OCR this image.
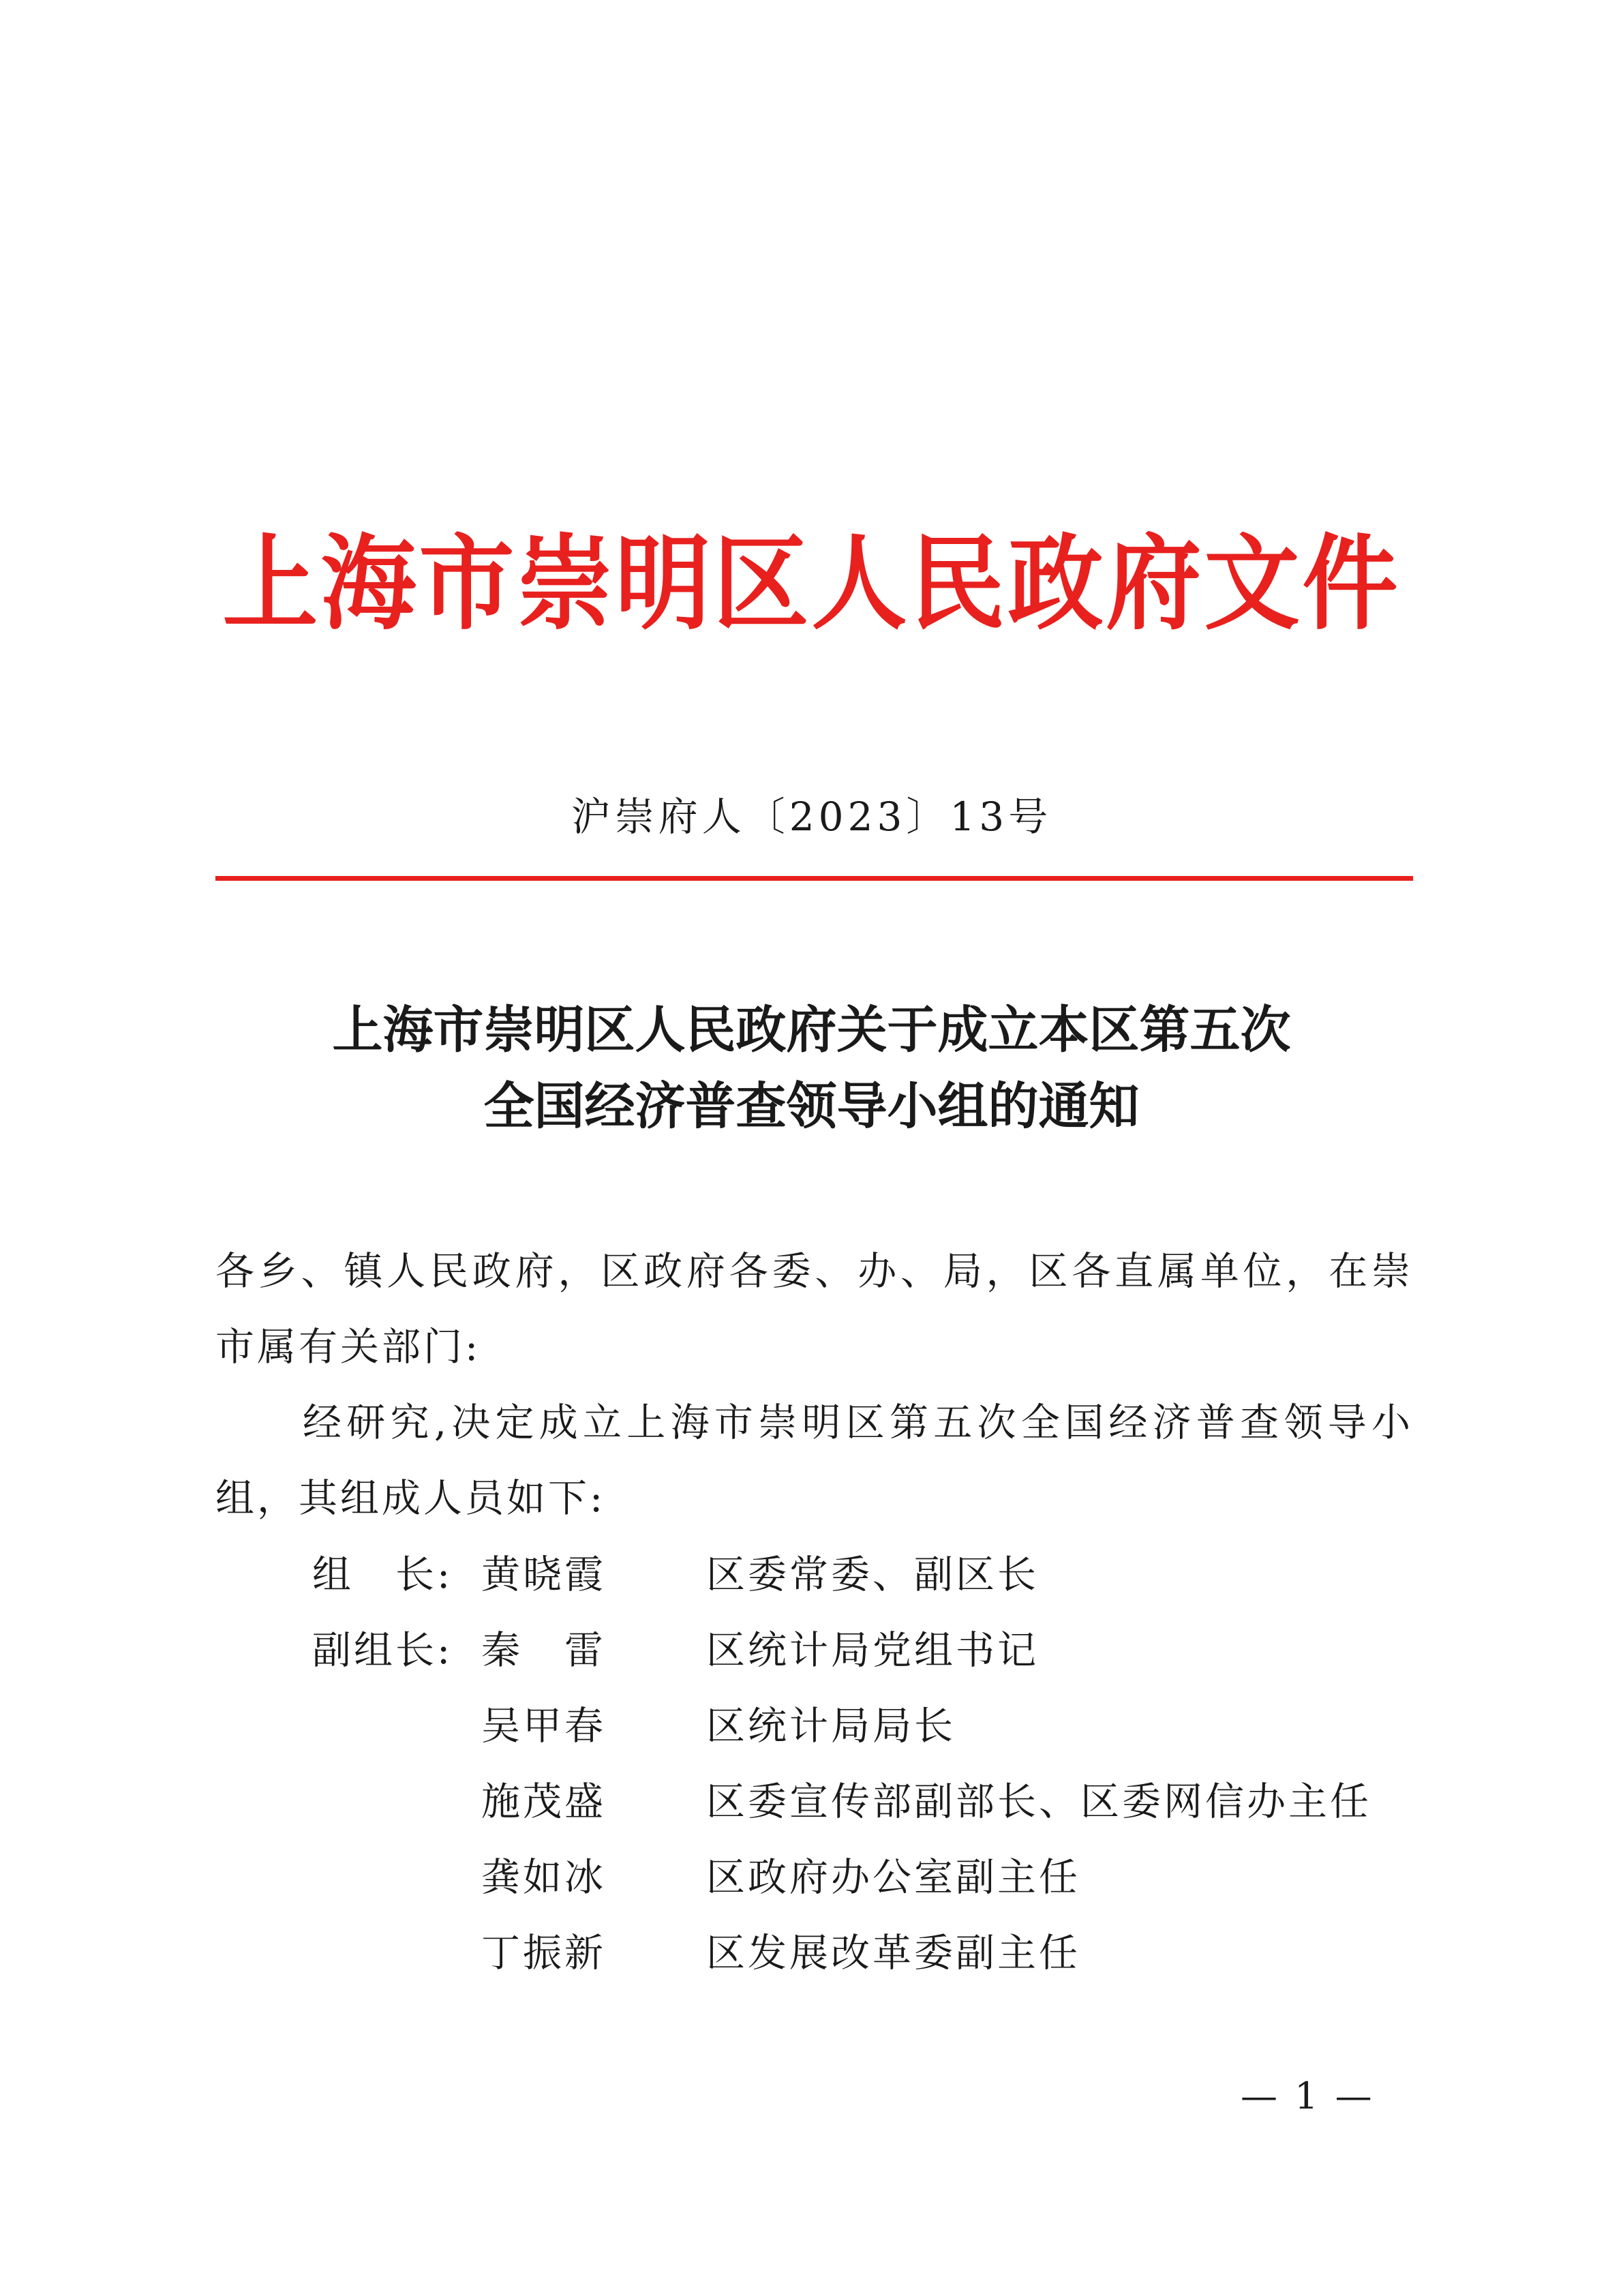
上海市崇明区人民政府文件
沪崇府人〔2023〕13号
上海市崇明区人民政府关于成立本区第五次
全国经济普查领导小组的通知

各乡、镇人民政府，区政府各委、办、局，区各直属单位，在崇市属有关部门:

经研究,决定成立上海市崇明区第五次全国经济普查领导小组，其组成人员如下:

组　长: 黄晓霞	区委常委、副区长
副组长: 秦　雷	区统计局党组书记
吴甲春	区统计局局长
施茂盛	区委宣传部副部长、区委网信办主任
龚如冰	区政府办公室副主任
丁振新	区发展改革委副主任
— 1 —
